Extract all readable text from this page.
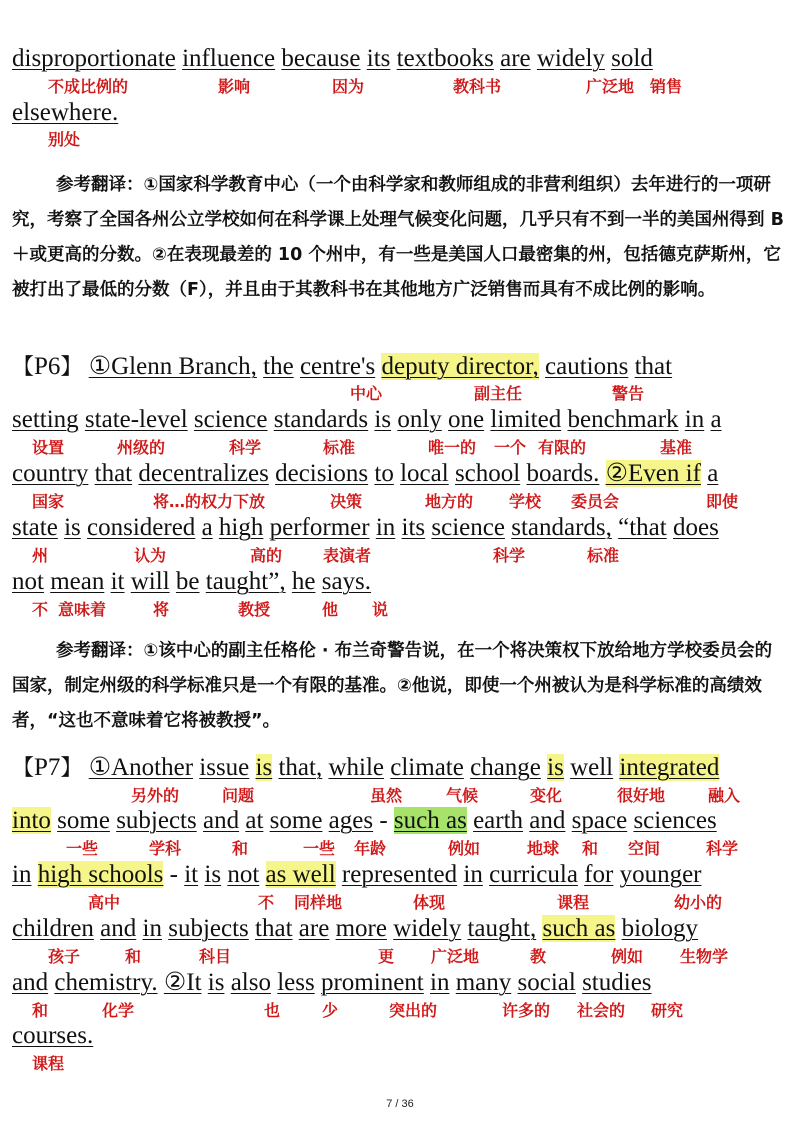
disproportionate influence because its textbooks are widely sold
elsewhere.
【P6】 ①Glenn Branch, the centre's deputy director, cautions that
setting state-level science standards is only one limited benchmark in a
country that decentralizes decisions to local school boards. ②Even if a
state is considered a high performer in its science standards, “that does
not mean it will be taught”, he says.
【P7】 ①Another issue is that, while climate change is well integrated
into some subjects and at some ages - such as earth and space sciences
in high schools - it is not as well represented in curricula for younger
children and in subjects that are more widely taught, such as biology
and chemistry. ②It is also less prominent in many social studies
courses.
不成比例的	影响	因为	教科书	广泛地 销售
别处
中心	副主任	警告
设置	州级的	科学	标准	唯一的 一个 有限的	基准
国家	将…的权力下放	决策	地方的 学校 委员会	即使
州	认为	高的	表演者	科学	标准
不 意味着	将	教授	他 说
另外的	问题	虽然	气候	变化	很好地	融入
一些	学科	和	一些 年龄	例如	地球 和 空间	科学
高中	不 同样地	体现	课程	幼小的
孩子	和	科目	更 广泛地	教	例如 生物学
和	化学	也	少	突出的	许多的 社会的 研究
课程
参考翻译：①国家科学教育中心（一个由科学家和教师组成的非营利组织）去年进行的一项研究，考察了全国各州公立学校如何在科学课上处理气候变化问题，几乎只有不到一半的美国州得到 B＋或更高的分数。②在表现最差的 10 个州中，有一些是美国人口最密集的州，包括德克萨斯州，它被打出了最低的分数（F），并且由于其教科书在其他地方广泛销售而具有不成比例的影响。
参考翻译：①该中心的副主任格伦 · 布兰奇警告说，在一个将决策权下放给地方学校委员会的国家，制定州级的科学标准只是一个有限的基准。②他说，即使一个州被认为是科学标准的高绩效者，“这也不意味着它将被教授”。
7 / 36
